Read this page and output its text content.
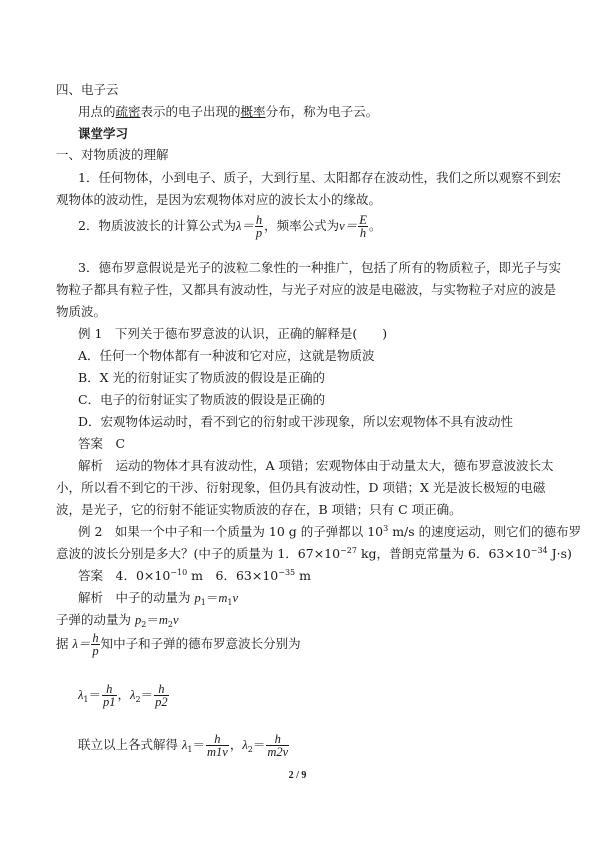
四、电子云
用点的疏密表示的电子出现的概率分布，称为电子云。
课堂学习
一、对物质波的理解
1．任何物体，小到电子、质子，大到行星、太阳都存在波动性，我们之所以观察不到宏
观物体的波动性，是因为宏观物体对应的波长太小的缘故。
2．物质波波长的计算公式为$\lambda= \frac{h}{p}$ ，频率公式为$\nu= \frac{E}{h}$ 。
3．德布罗意假说是光子的波粒二象性的一种推广，包括了所有的物质粒子，即光子与实
物粒子都具有粒子性，又都具有波动性，与光子对应的波是电磁波，与实物粒子对应的波是
物质波。
例 1　下列关于德布罗意波的认识，正确的解释是(　　)
A．任何一个物体都有一种波和它对应，这就是物质波
B．X 光的衍射证实了物质波的假设是正确的
C．电子的衍射证实了物质波的假设是正确的
D．宏观物体运动时，看不到它的衍射或干涉现象，所以宏观物体不具有波动性
答案　C
解析　运动的物体才具有波动性，A 项错；宏观物体由于动量太大，德布罗意波波长太
小，所以看不到它的干涉、衍射现象，但仍具有波动性，D 项错；X 光是波长极短的电磁
波，是光子，它的衍射不能证实物质波的存在，B 项错；只有 C 项正确。
例 2　如果一个中子和一个质量为 10 g 的子弹都以 $10^3$ m/s 的速度运动，则它们的德布罗
意波的波长分别是多大？(中子的质量为 1．$67\times 10^{-27}$ kg，普朗克常量为 6．$63\times 10^{-34}$ J·s)
答案　4．$0\times 10^{-10}$ m　6．$63\times 10^{-35}$ m
解析　中子的动量为 $p_1=m_1v$
子弹的动量为 $p_2=m_2v$
据 $\lambda= \frac{h}{p}$ 知中子和子弹的德布罗意波长分别为
$\lambda_1= \frac{h}{p1}$ ，$\lambda_2= \frac{h}{p2}$
联立以上各式解得 $\lambda_1= \frac{h}{m1v}$ ，$\lambda_2= \frac{h}{m2v}$
2 / 9
